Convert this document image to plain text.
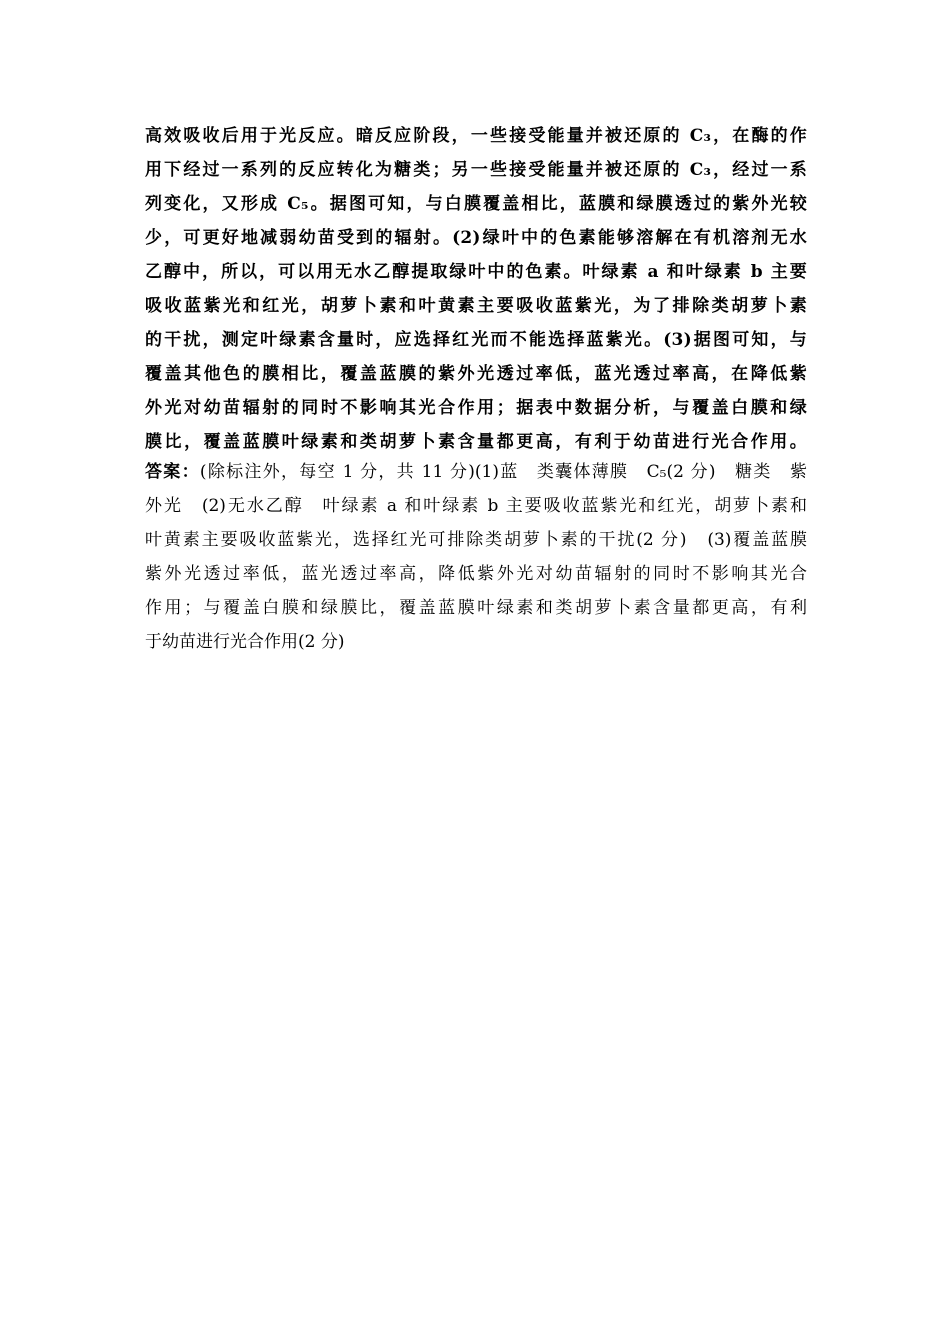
高效吸收后用于光反应。暗反应阶段，一些接受能量并被还原的 C₃，在酶的作
用下经过一系列的反应转化为糖类；另一些接受能量并被还原的 C₃，经过一系
列变化，又形成 C₅。据图可知，与白膜覆盖相比，蓝膜和绿膜透过的紫外光较
少，可更好地减弱幼苗受到的辐射。(2)绿叶中的色素能够溶解在有机溶剂无水
乙醇中，所以，可以用无水乙醇提取绿叶中的色素。叶绿素 a 和叶绿素 b 主要
吸收蓝紫光和红光，胡萝卜素和叶黄素主要吸收蓝紫光，为了排除类胡萝卜素
的干扰，测定叶绿素含量时，应选择红光而不能选择蓝紫光。(3)据图可知，与
覆盖其他色的膜相比，覆盖蓝膜的紫外光透过率低，蓝光透过率高，在降低紫
外光对幼苗辐射的同时不影响其光合作用；据表中数据分析，与覆盖白膜和绿
膜比，覆盖蓝膜叶绿素和类胡萝卜素含量都更高，有利于幼苗进行光合作用。
答案：(除标注外，每空 1 分，共 11 分)(1)蓝　类囊体薄膜　C₅(2 分)　糖类　紫
外光　(2)无水乙醇　叶绿素 a 和叶绿素 b 主要吸收蓝紫光和红光，胡萝卜素和
叶黄素主要吸收蓝紫光，选择红光可排除类胡萝卜素的干扰(2 分)　(3)覆盖蓝膜
紫外光透过率低，蓝光透过率高，降低紫外光对幼苗辐射的同时不影响其光合
作用；与覆盖白膜和绿膜比，覆盖蓝膜叶绿素和类胡萝卜素含量都更高，有利
于幼苗进行光合作用(2 分)
